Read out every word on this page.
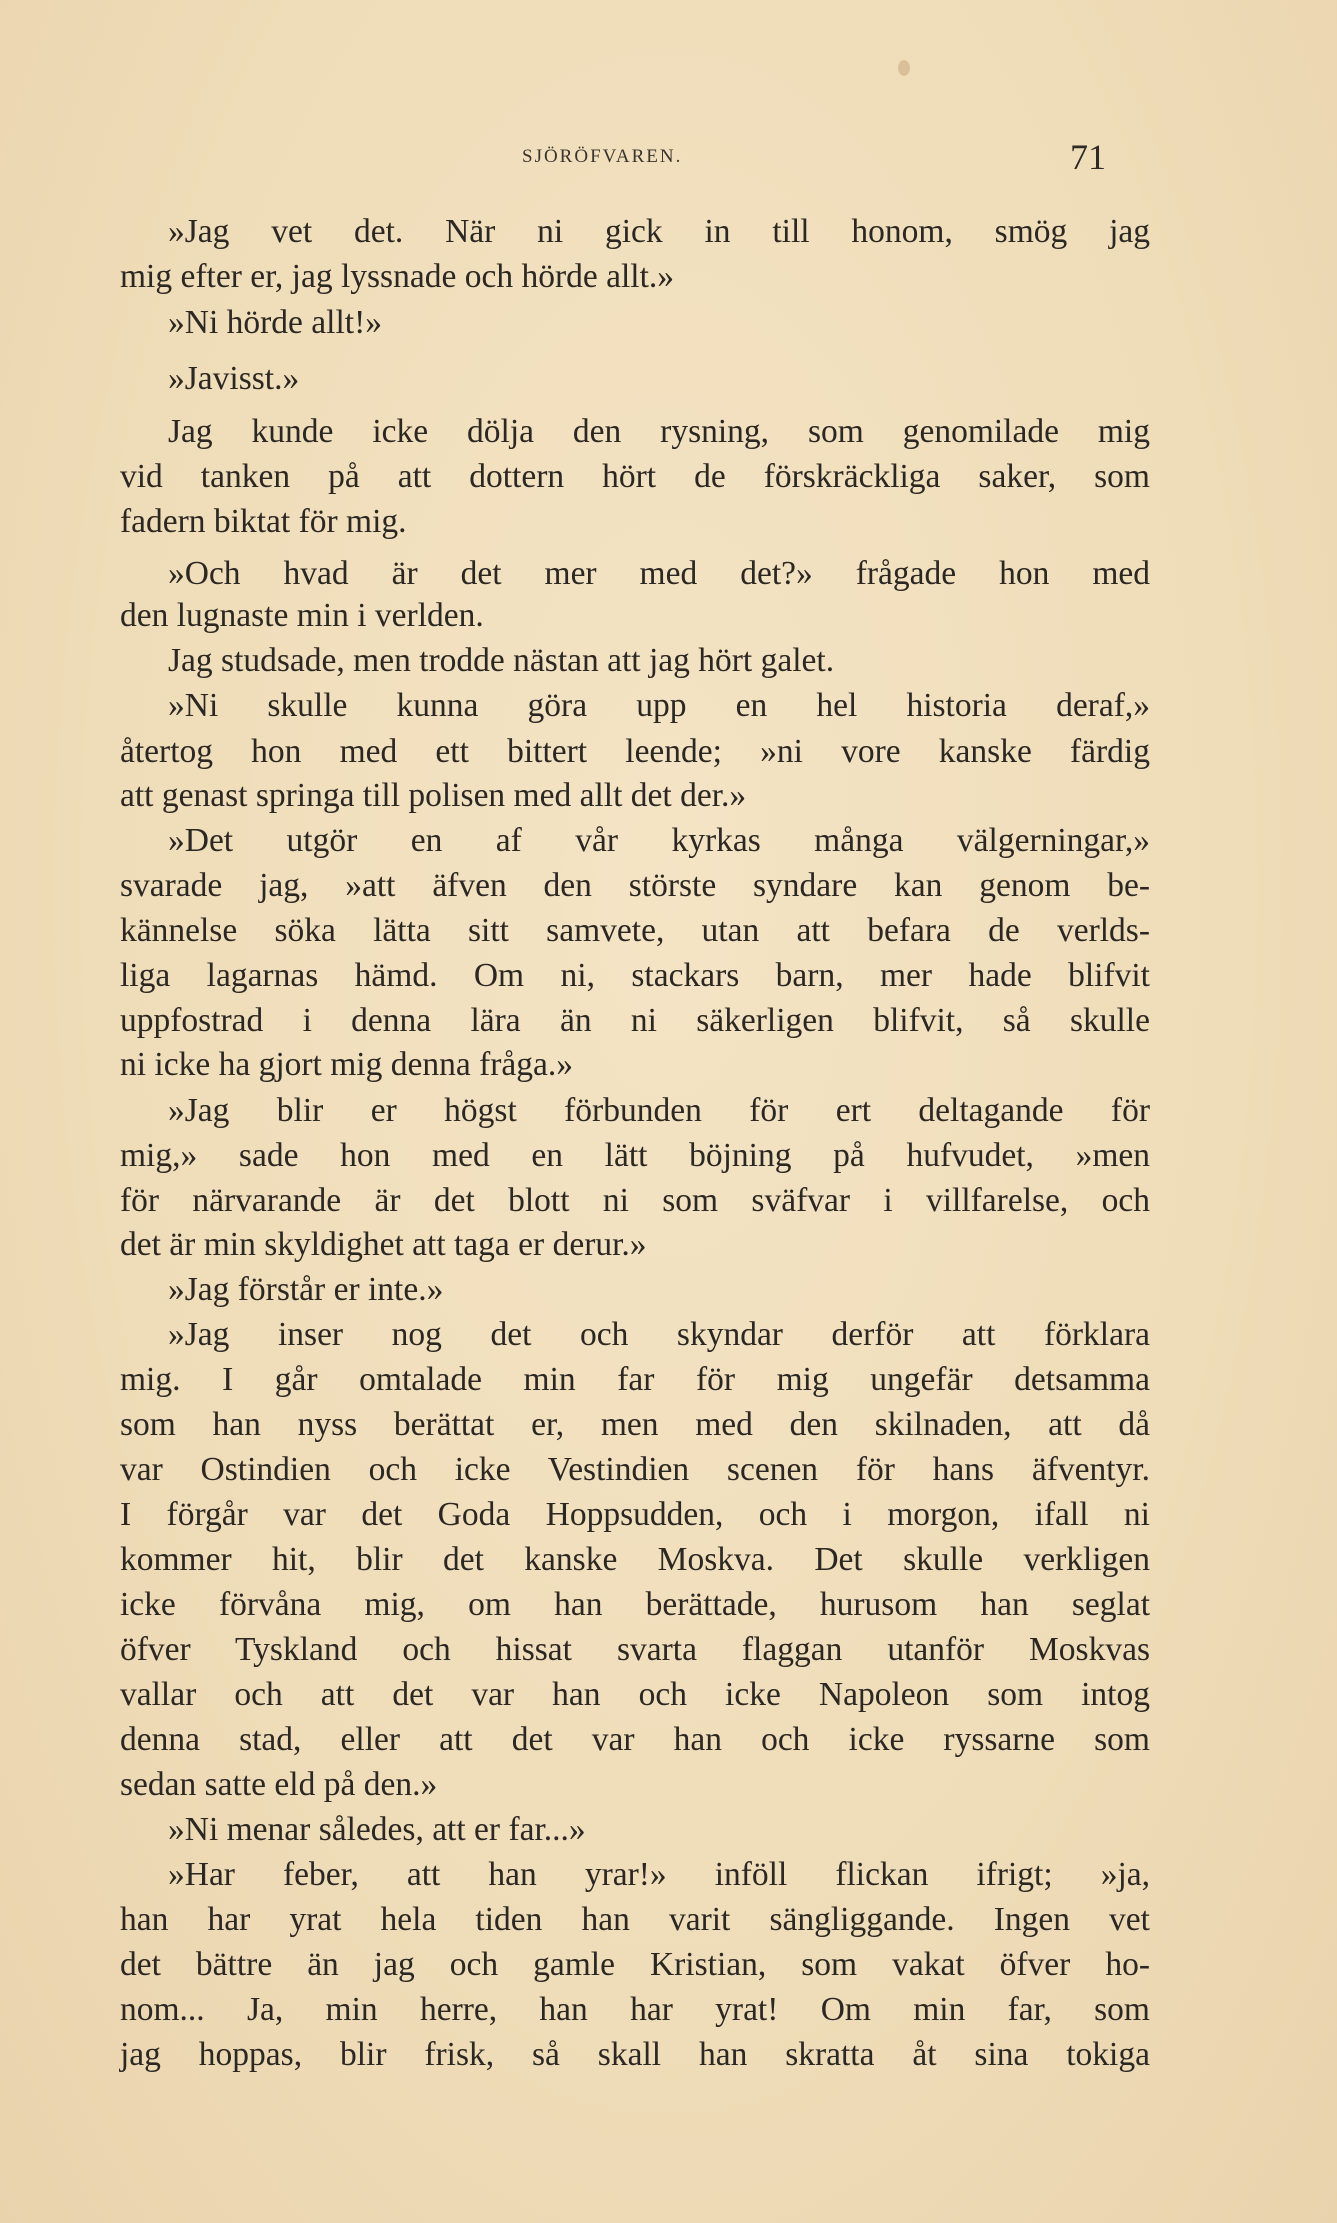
SJÖRÖFVAREN.	71
»Jag vet det. När ni gick in till honom, smög jag
mig efter er, jag lyssnade och hörde allt.»
»Ni hörde allt!»
»Javisst.»
Jag kunde icke dölja den rysning, som genomilade mig
vid tanken på att dottern hört de förskräckliga saker, som
fadern biktat för mig.
»Och hvad är det mer med det?» frågade hon med
den lugnaste min i verlden.
Jag studsade, men trodde nästan att jag hört galet.
»Ni skulle kunna göra upp en hel historia deraf,»
återtog hon med ett bittert leende; »ni vore kanske färdig
att genast springa till polisen med allt det der.»
»Det utgör en af vår kyrkas många välgerningar,»
svarade jag, »att äfven den störste syndare kan genom be-
kännelse söka lätta sitt samvete, utan att befara de verlds-
liga lagarnas hämd. Om ni, stackars barn, mer hade blifvit
uppfostrad i denna lära än ni säkerligen blifvit, så skulle
ni icke ha gjort mig denna fråga.»
»Jag blir er högst förbunden för ert deltagande för
mig,» sade hon med en lätt böjning på hufvudet, »men
för närvarande är det blott ni som sväfvar i villfarelse, och
det är min skyldighet att taga er derur.»
»Jag förstår er inte.»
»Jag inser nog det och skyndar derför att förklara
mig. I går omtalade min far för mig ungefär detsamma
som han nyss berättat er, men med den skilnaden, att då
var Ostindien och icke Vestindien scenen för hans äfventyr.
I förgår var det Goda Hoppsudden, och i morgon, ifall ni
kommer hit, blir det kanske Moskva. Det skulle verkligen
icke förvåna mig, om han berättade, hurusom han seglat
öfver Tyskland och hissat svarta flaggan utanför Moskvas
vallar och att det var han och icke Napoleon som intog
denna stad, eller att det var han och icke ryssarne som
sedan satte eld på den.»
»Ni menar således, att er far...»
»Har feber, att han yrar!» inföll flickan ifrigt; »ja,
han har yrat hela tiden han varit sängliggande. Ingen vet
det bättre än jag och gamle Kristian, som vakat öfver ho-
nom... Ja, min herre, han har yrat! Om min far, som
jag hoppas, blir frisk, så skall han skratta åt sina tokiga
